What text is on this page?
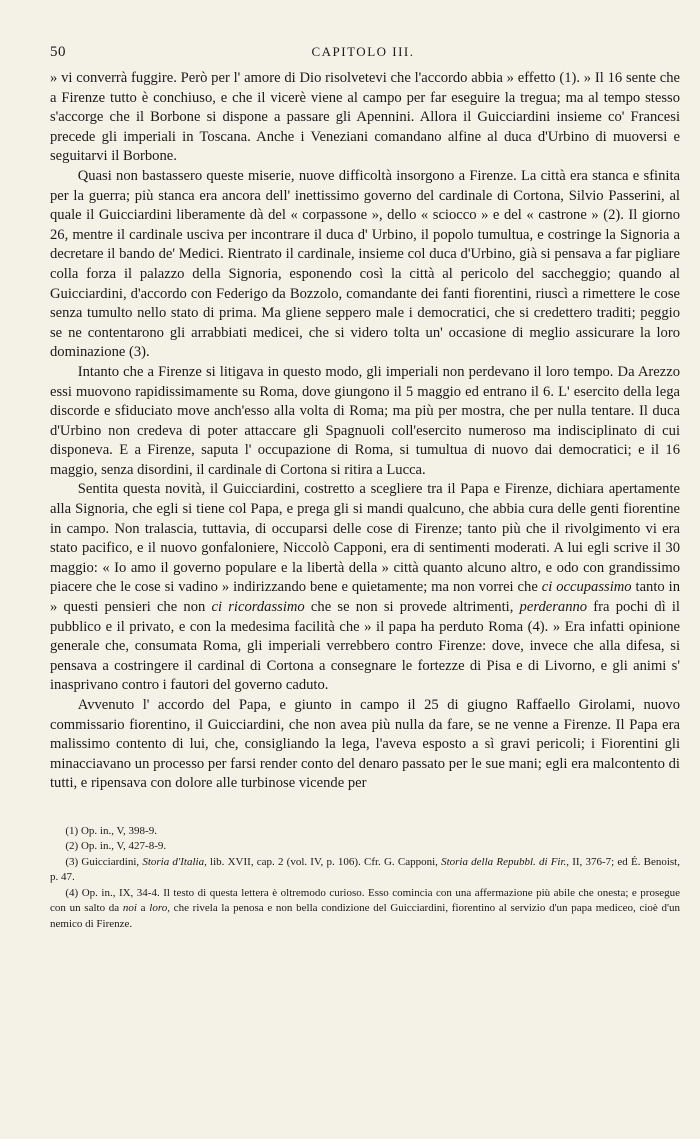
50	CAPITOLO III.

» vi converrà fuggire. Però per l' amore di Dio risolvetevi che l'accordo abbia » effetto (1). » Il 16 sente che a Firenze tutto è conchiuso, e che il vicerè viene al campo per far eseguire la tregua; ma al tempo stesso s'accorge che il Borbone si dispone a passare gli Apennini. Allora il Guicciardini insieme co' Francesi precede gli imperiali in Toscana. Anche i Veneziani comandano alfine al duca d'Urbino di muoversi e seguitarvi il Borbone.

Quasi non bastassero queste miserie, nuove difficoltà insorgono a Firenze. La città era stanca e sfinita per la guerra; più stanca era ancora dell' inettissimo governo del cardinale di Cortona, Silvio Passerini, al quale il Guicciardini liberamente dà del « corpassone », dello « sciocco » e del « castrone » (2). Il giorno 26, mentre il cardinale usciva per incontrare il duca d' Urbino, il popolo tumultua, e costringe la Signoria a decretare il bando de' Medici. Rientrato il cardinale, insieme col duca d'Urbino, già si pensava a far pigliare colla forza il palazzo della Signoria, esponendo così la città al pericolo del saccheggio; quando al Guicciardini, d'accordo con Federigo da Bozzolo, comandante dei fanti fiorentini, riuscì a rimettere le cose senza tumulto nello stato di prima. Ma gliene seppero male i democratici, che si credettero traditi; peggio se ne contentarono gli arrabbiati medicei, che si videro tolta un' occasione di meglio assicurare la loro dominazione (3).

Intanto che a Firenze si litigava in questo modo, gli imperiali non perdevano il loro tempo. Da Arezzo essi muovono rapidissimamente su Roma, dove giungono il 5 maggio ed entrano il 6. L' esercito della lega discorde e sfiduciato move anch'esso alla volta di Roma; ma più per mostra, che per nulla tentare. Il duca d'Urbino non credeva di poter attaccare gli Spagnuoli coll'esercito numeroso ma indisciplinato di cui disponeva. E a Firenze, saputa l' occupazione di Roma, si tumultua di nuovo dai democratici; e il 16 maggio, senza disordini, il cardinale di Cortona si ritira a Lucca.

Sentita questa novità, il Guicciardini, costretto a scegliere tra il Papa e Firenze, dichiara apertamente alla Signoria, che egli si tiene col Papa, e prega gli si mandi qualcuno, che abbia cura delle genti fiorentine in campo. Non tralascia, tuttavia, di occuparsi delle cose di Firenze; tanto più che il rivolgimento vi era stato pacifico, e il nuovo gonfaloniere, Niccolò Capponi, era di sentimenti moderati. A lui egli scrive il 30 maggio: « Io amo il governo populare e la libertà della » città quanto alcuno altro, e odo con grandissimo piacere che le cose si vadino » indirizzando bene e quietamente; ma non vorrei che ci occupassimo tanto in » questi pensieri che non ci ricordassimo che se non si provede altrimenti, perderanno fra pochi dì il pubblico e il privato, e con la medesima facilità che » il papa ha perduto Roma (4). » Era infatti opinione generale che, consumata Roma, gli imperiali verrebbero contro Firenze: dove, invece che alla difesa, si pensava a costringere il cardinal di Cortona a consegnare le fortezze di Pisa e di Livorno, e gli animi s' inasprivano contro i fautori del governo caduto.

Avvenuto l' accordo del Papa, e giunto in campo il 25 di giugno Raffaello Girolami, nuovo commissario fiorentino, il Guicciardini, che non avea più nulla da fare, se ne venne a Firenze. Il Papa era malissimo contento di lui, che, consigliando la lega, l'aveva esposto a sì gravi pericoli; i Fiorentini gli minacciavano un processo per farsi render conto del denaro passato per le sue mani; egli era malcontento di tutti, e ripensava con dolore alle turbinose vicende per

(1) Op. in., V, 398-9.

(2) Op. in., V, 427-8-9.

(3) Guicciardini, Storia d'Italia, lib. XVII, cap. 2 (vol. IV, p. 106). Cfr. G. Capponi, Storia della Repubbl. di Fir., II, 376-7; ed É. Benoist, p. 47.

(4) Op. in., IX, 34-4. Il testo di questa lettera è oltremodo curioso. Esso comincia con una affermazione più abile che onesta; e prosegue con un salto da noi a loro, che rivela la penosa e non bella condizione del Guicciardini, fiorentino al servizio d'un papa mediceo, cioè d'un nemico di Firenze.
